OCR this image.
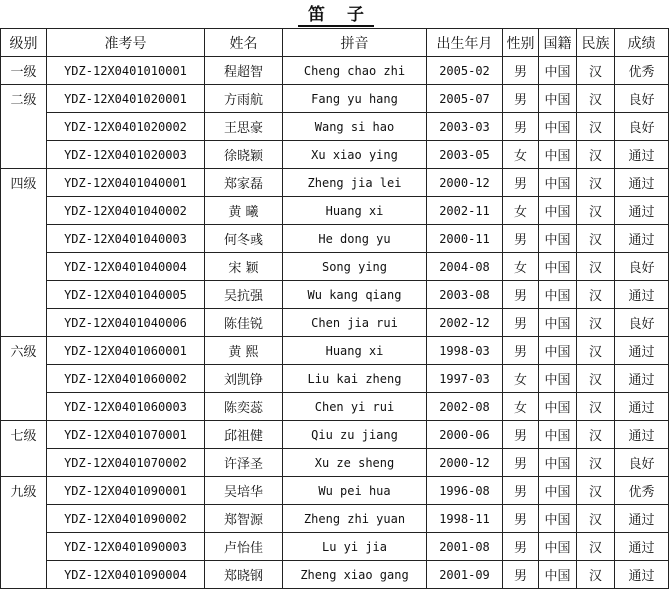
笛 子
级别	准考号	姓名	拼音	出生年月	性别	国籍	民族	成绩
一级	YDZ-12X0401010001	程超智	Cheng chao zhi	2005-02	男	中国	汉	优秀
二级	YDZ-12X0401020001	方雨航	Fang yu hang	2005-07	男	中国	汉	良好
	YDZ-12X0401020002	王思豪	Wang si hao	2003-03	男	中国	汉	良好
	YDZ-12X0401020003	徐晓颖	Xu xiao ying	2003-05	女	中国	汉	通过
四级	YDZ-12X0401040001	郑家磊	Zheng jia lei	2000-12	男	中国	汉	通过
	YDZ-12X0401040002	黄 曦	Huang xi	2002-11	女	中国	汉	通过
	YDZ-12X0401040003	何冬彧	He dong yu	2000-11	男	中国	汉	通过
	YDZ-12X0401040004	宋 颖	Song ying	2004-08	女	中国	汉	良好
	YDZ-12X0401040005	吴抗强	Wu kang qiang	2003-08	男	中国	汉	通过
	YDZ-12X0401040006	陈佳锐	Chen jia rui	2002-12	男	中国	汉	良好
六级	YDZ-12X0401060001	黄 熙	Huang xi	1998-03	男	中国	汉	通过
	YDZ-12X0401060002	刘凯铮	Liu kai zheng	1997-03	女	中国	汉	通过
	YDZ-12X0401060003	陈奕蕊	Chen yi rui	2002-08	女	中国	汉	通过
七级	YDZ-12X0401070001	邱祖健	Qiu zu jiang	2000-06	男	中国	汉	通过
	YDZ-12X0401070002	许泽圣	Xu ze sheng	2000-12	男	中国	汉	良好
九级	YDZ-12X0401090001	吴培华	Wu pei hua	1996-08	男	中国	汉	优秀
	YDZ-12X0401090002	郑智源	Zheng zhi yuan	1998-11	男	中国	汉	通过
	YDZ-12X0401090003	卢怡佳	Lu yi jia	2001-08	男	中国	汉	通过
	YDZ-12X0401090004	郑晓钢	Zheng xiao gang	2001-09	男	中国	汉	通过
